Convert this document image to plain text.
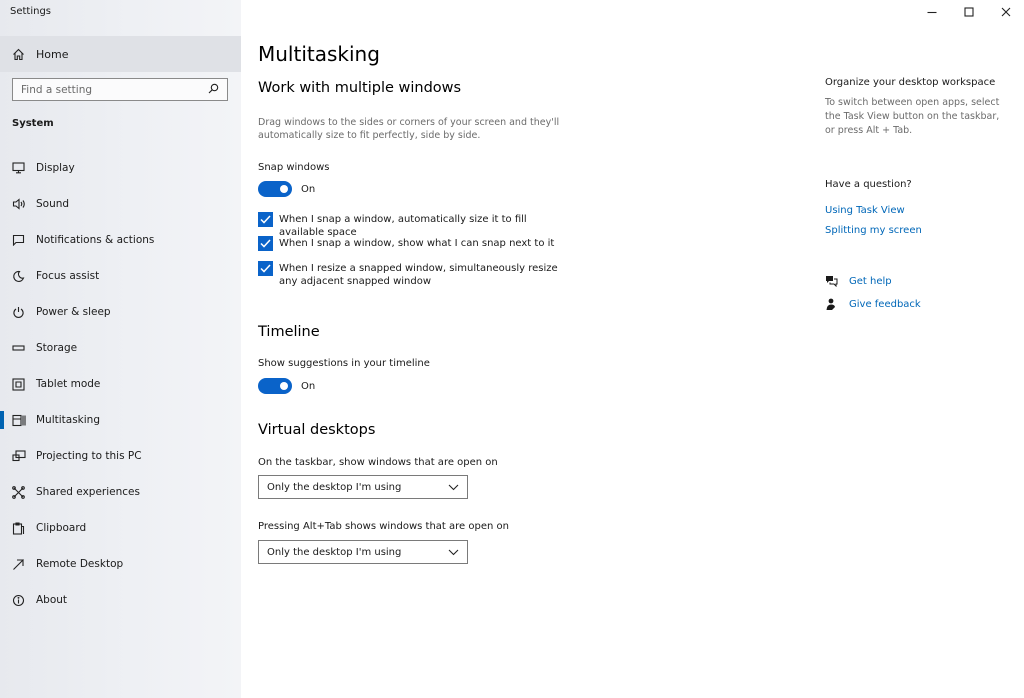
Settings
Home
Find a setting
System
Display
Sound
Notifications & actions
Focus assist
Power & sleep
Storage
Tablet mode
Multitasking
Projecting to this PC
Shared experiences
Clipboard
Remote Desktop
About
Multitasking
Work with multiple windows

Drag windows to the sides or corners of your screen and they'll automatically size to fit perfectly, side by side.

Snap windows
On
When I snap a window, automatically size it to fill available space
When I snap a window, show what I can snap next to it
When I resize a snapped window, simultaneously resize any adjacent snapped window
Timeline
Show suggestions in your timeline
On
Virtual desktops
On the taskbar, show windows that are open on
Only the desktop I'm using
Pressing Alt+Tab shows windows that are open on
Only the desktop I'm using
Organize your desktop workspace

To switch between open apps, select the Task View button on the taskbar, or press Alt + Tab.

Have a question?
Using Task View
Splitting my screen
Get help
Give feedback
